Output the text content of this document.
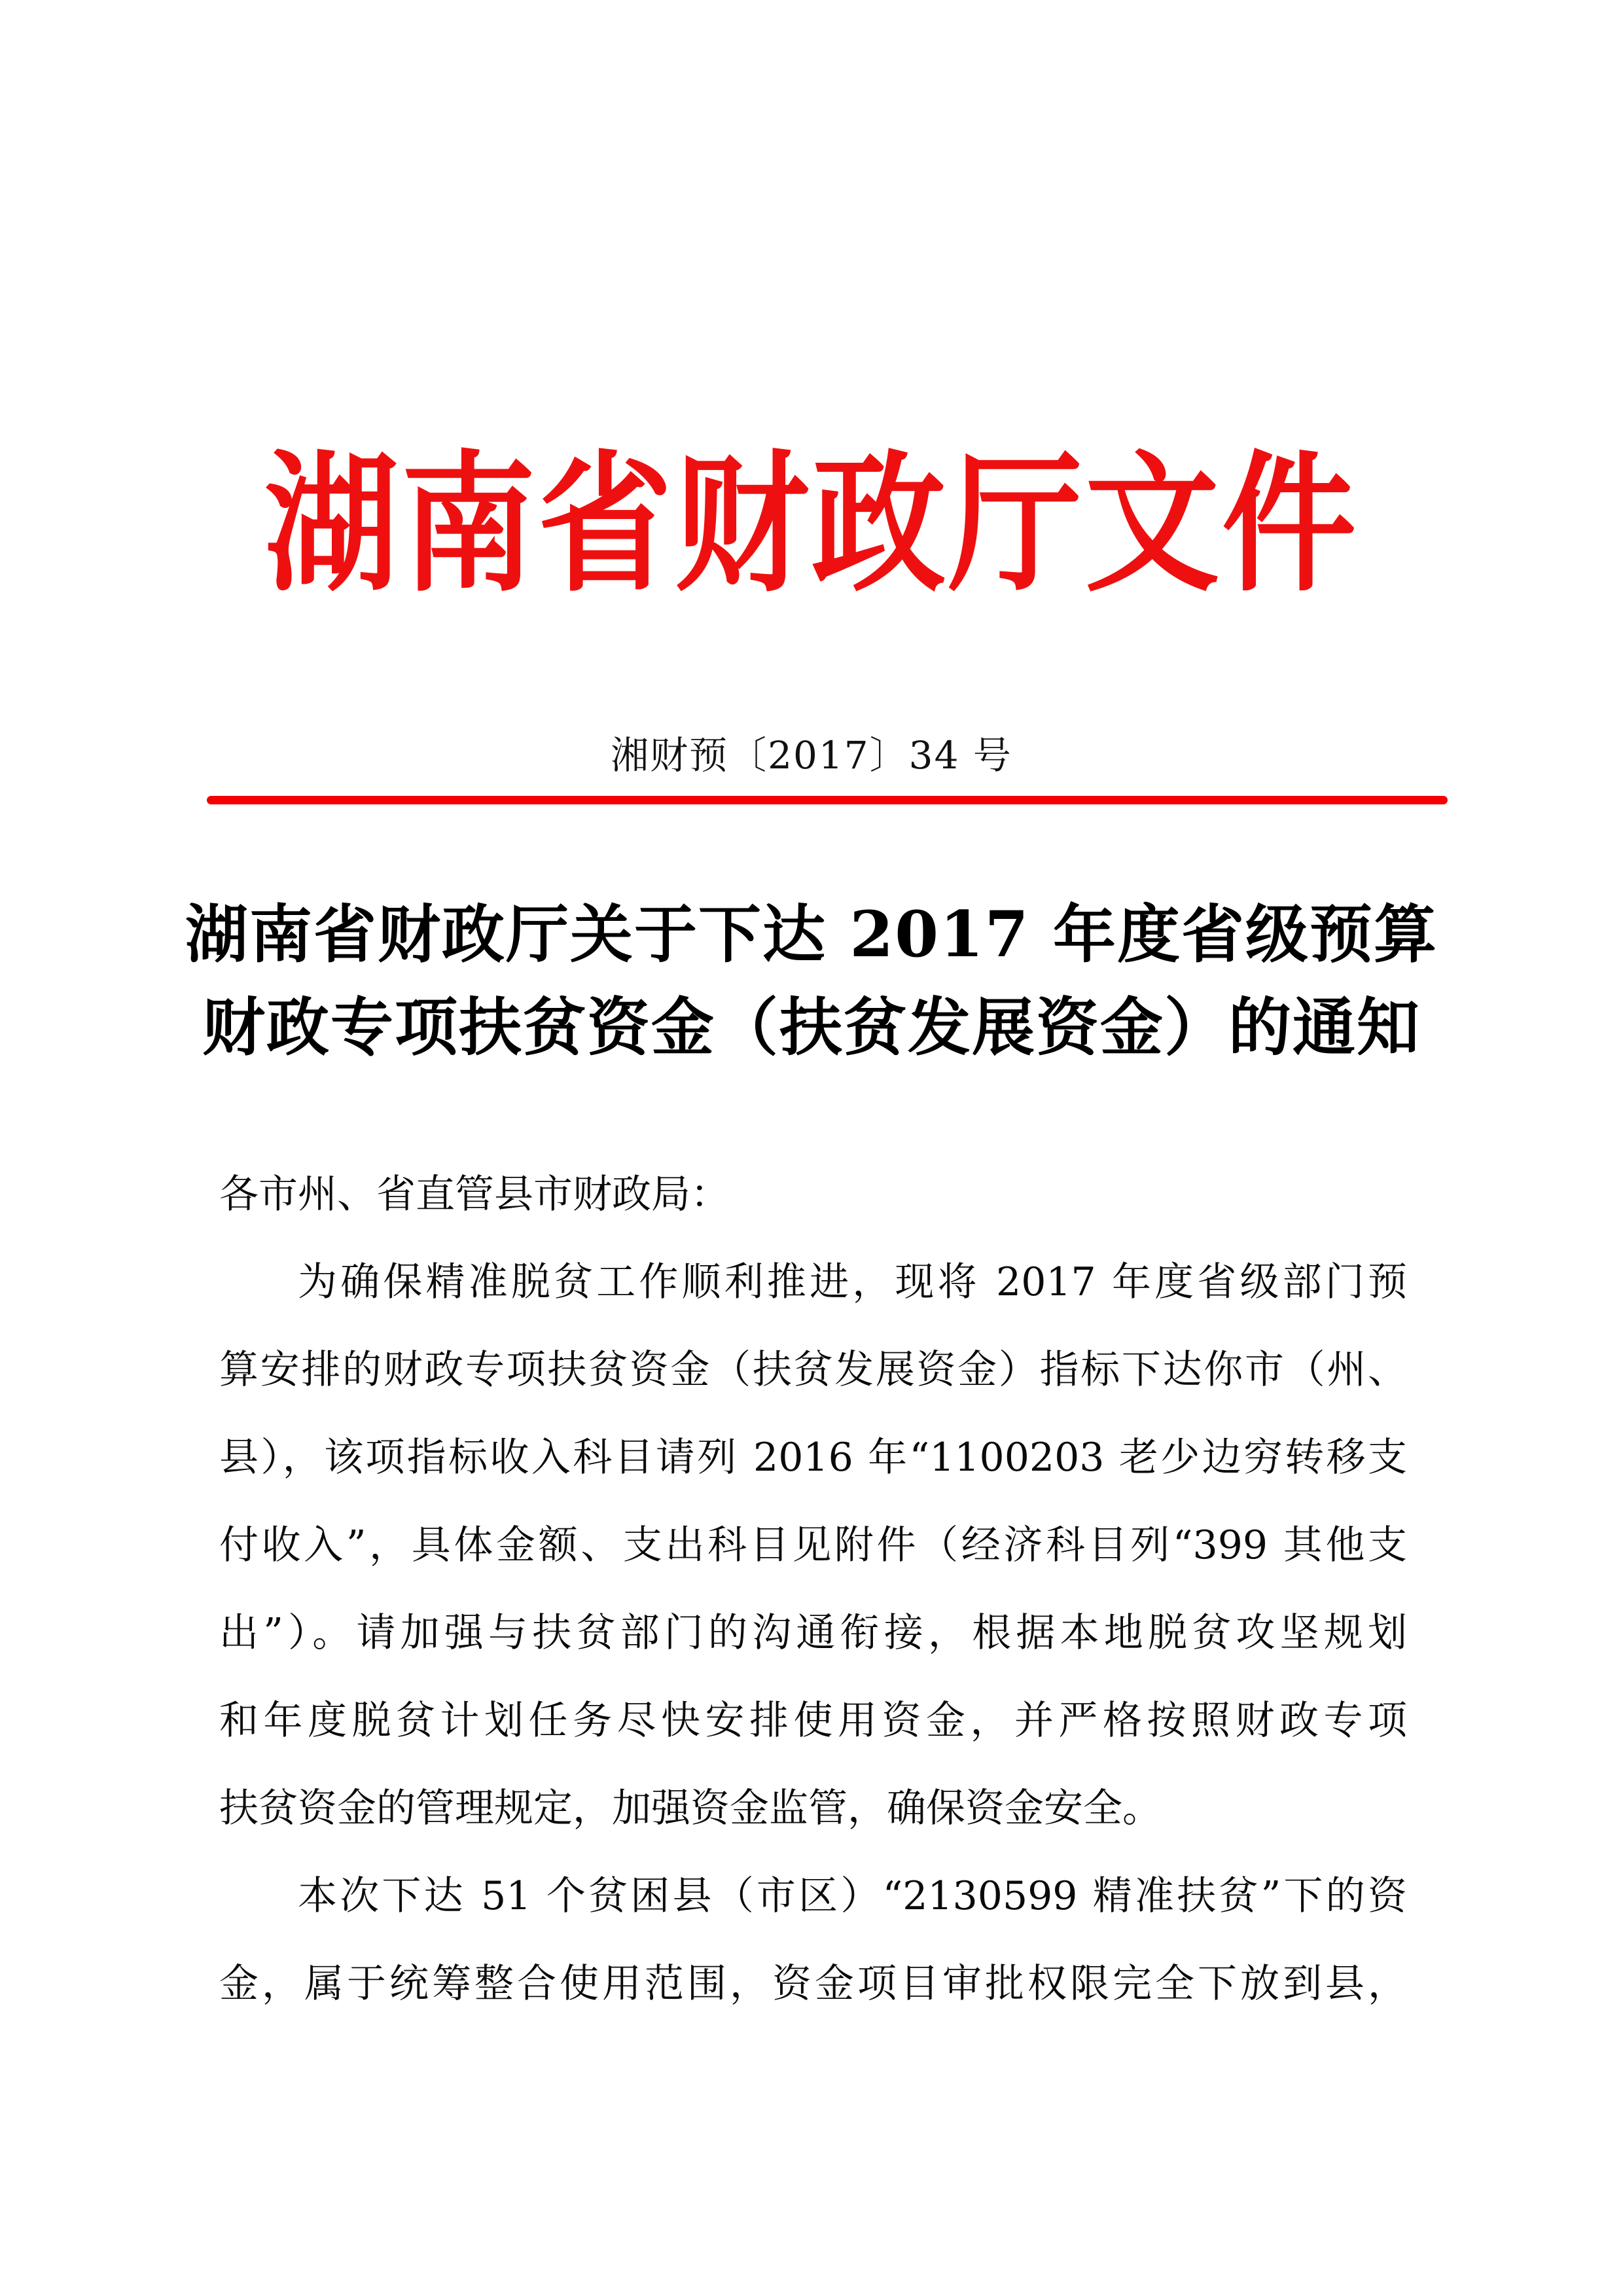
湖南省财政厅文件
湘财预〔2017〕34 号
湖南省财政厅关于下达 2017 年度省级预算
财政专项扶贫资金（扶贫发展资金）的通知
各市州、省直管县市财政局：
为确保精准脱贫工作顺利推进，现将 2017 年度省级部门预
算安排的财政专项扶贫资金（扶贫发展资金）指标下达你市（州、
县），该项指标收入科目请列 2016 年“1100203 老少边穷转移支
付收入”，具体金额、支出科目见附件（经济科目列“399 其他支
出”）。请加强与扶贫部门的沟通衔接，根据本地脱贫攻坚规划
和年度脱贫计划任务尽快安排使用资金，并严格按照财政专项
扶贫资金的管理规定，加强资金监管，确保资金安全。
本次下达 51 个贫困县（市区）“2130599 精准扶贫”下的资
金，属于统筹整合使用范围，资金项目审批权限完全下放到县，
